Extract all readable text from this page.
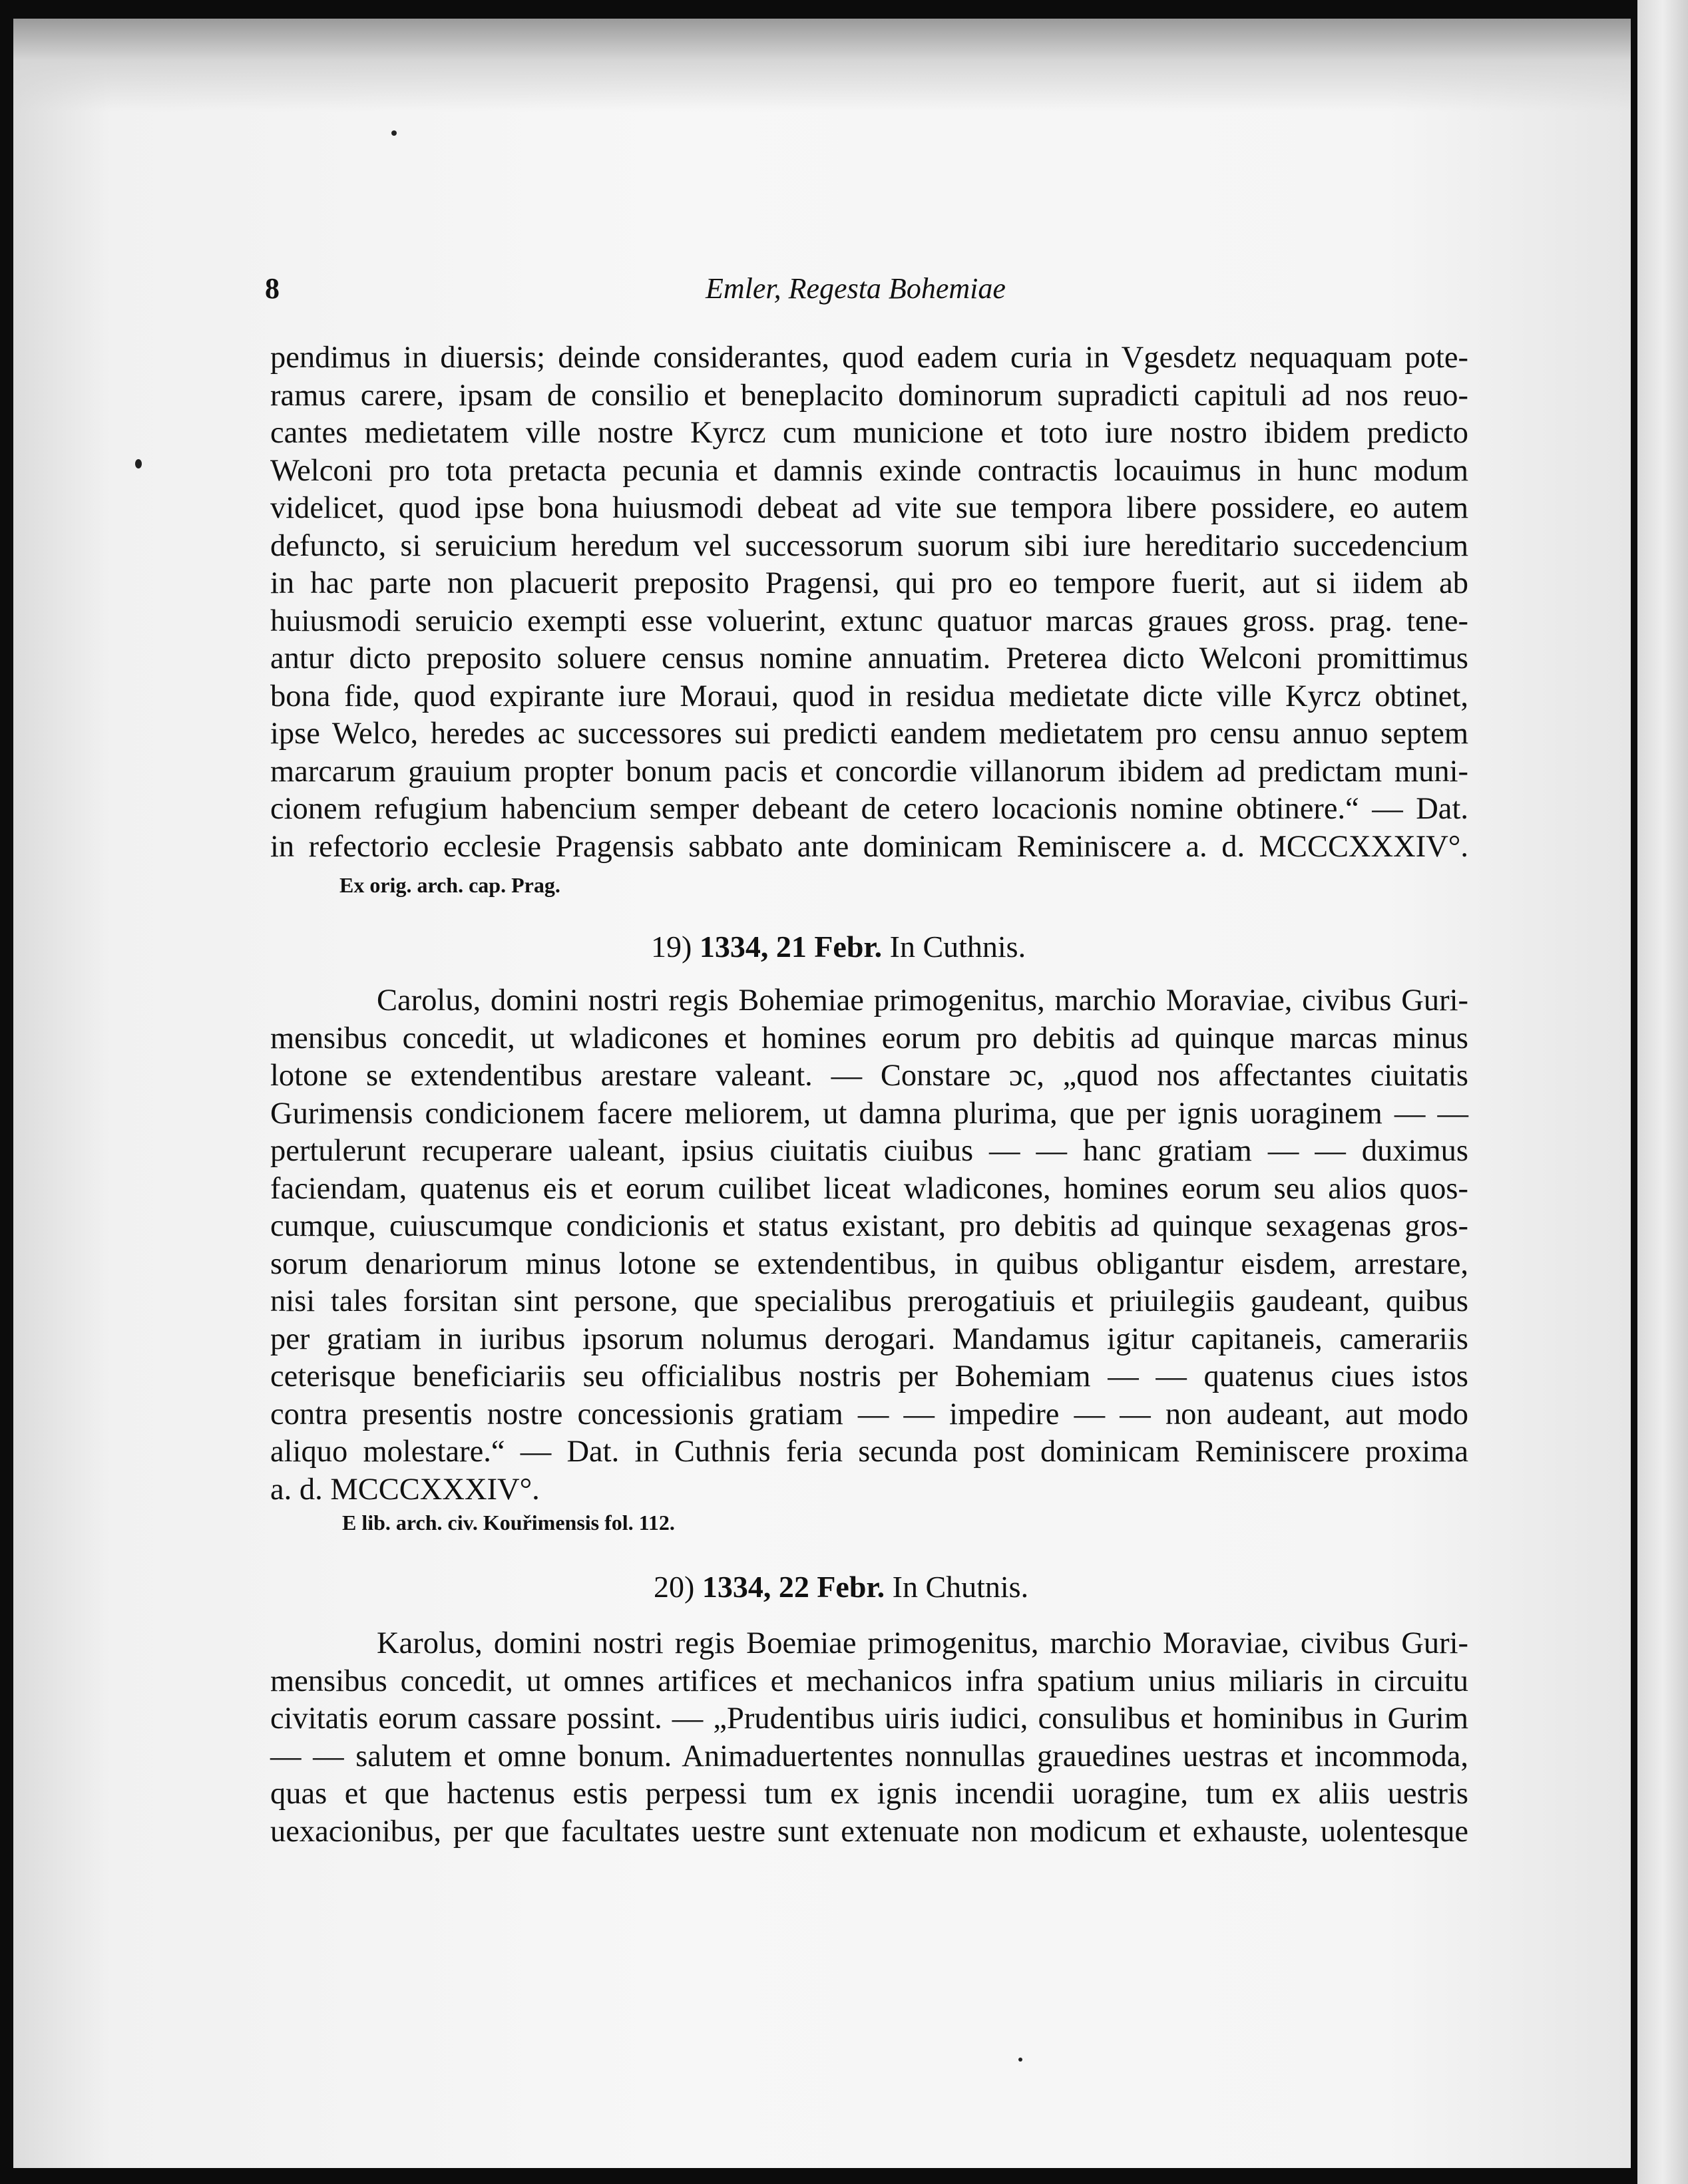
8	Emler, Regesta Bohemiae
pendimus in diuersis; deinde considerantes, quod eadem curia in Vgesdetz nequaquam pote-
ramus carere, ipsam de consilio et beneplacito dominorum supradicti capituli ad nos reuo-
cantes medietatem ville nostre Kyrcz cum municione et toto iure nostro ibidem predicto
Welconi pro tota pretacta pecunia et damnis exinde contractis locauimus in hunc modum
videlicet, quod ipse bona huiusmodi debeat ad vite sue tempora libere possidere, eo autem
defuncto, si seruicium heredum vel successorum suorum sibi iure hereditario succedencium
in hac parte non placuerit preposito Pragensi, qui pro eo tempore fuerit, aut si iidem ab
huiusmodi seruicio exempti esse voluerint, extunc quatuor marcas graues gross. prag. tene-
antur dicto preposito soluere census nomine annuatim. Preterea dicto Welconi promittimus
bona fide, quod expirante iure Moraui, quod in residua medietate dicte ville Kyrcz obtinet,
ipse Welco, heredes ac successores sui predicti eandem medietatem pro censu annuo septem
marcarum grauium propter bonum pacis et concordie villanorum ibidem ad predictam muni-
cionem refugium habencium semper debeant de cetero locacionis nomine obtinere.“ — Dat.
in refectorio ecclesie Pragensis sabbato ante dominicam Reminiscere a. d. MCCCXXXIV°.
Ex orig. arch. cap. Prag.
19) 1334, 21 Febr. In Cuthnis.
Carolus, domini nostri regis Bohemiae primogenitus, marchio Moraviae, civibus Guri-
mensibus concedit, ut wladicones et homines eorum pro debitis ad quinque marcas minus
lotone se extendentibus arestare valeant. — Constare ɔc, „quod nos affectantes ciuitatis
Gurimensis condicionem facere meliorem, ut damna plurima, que per ignis uoraginem — —
pertulerunt recuperare ualeant, ipsius ciuitatis ciuibus — — hanc gratiam — — duximus
faciendam, quatenus eis et eorum cuilibet liceat wladicones, homines eorum seu alios quos-
cumque, cuiuscumque condicionis et status existant, pro debitis ad quinque sexagenas gros-
sorum denariorum minus lotone se extendentibus, in quibus obligantur eisdem, arrestare,
nisi tales forsitan sint persone, que specialibus prerogatiuis et priuilegiis gaudeant, quibus
per gratiam in iuribus ipsorum nolumus derogari. Mandamus igitur capitaneis, camerariis
ceterisque beneficiariis seu officialibus nostris per Bohemiam — — quatenus ciues istos
contra presentis nostre concessionis gratiam — — impedire — — non audeant, aut modo
aliquo molestare.“ — Dat. in Cuthnis feria secunda post dominicam Reminiscere proxima
a. d. MCCCXXXIV°.
E lib. arch. civ. Kouřimensis fol. 112.
20) 1334, 22 Febr. In Chutnis.
Karolus, domini nostri regis Boemiae primogenitus, marchio Moraviae, civibus Guri-
mensibus concedit, ut omnes artifices et mechanicos infra spatium unius miliaris in circuitu
civitatis eorum cassare possint. — „Prudentibus uiris iudici, consulibus et hominibus in Gurim
— — salutem et omne bonum. Animaduertentes nonnullas grauedines uestras et incommoda,
quas et que hactenus estis perpessi tum ex ignis incendii uoragine, tum ex aliis uestris
uexacionibus, per que facultates uestre sunt extenuate non modicum et exhauste, uolentesque
